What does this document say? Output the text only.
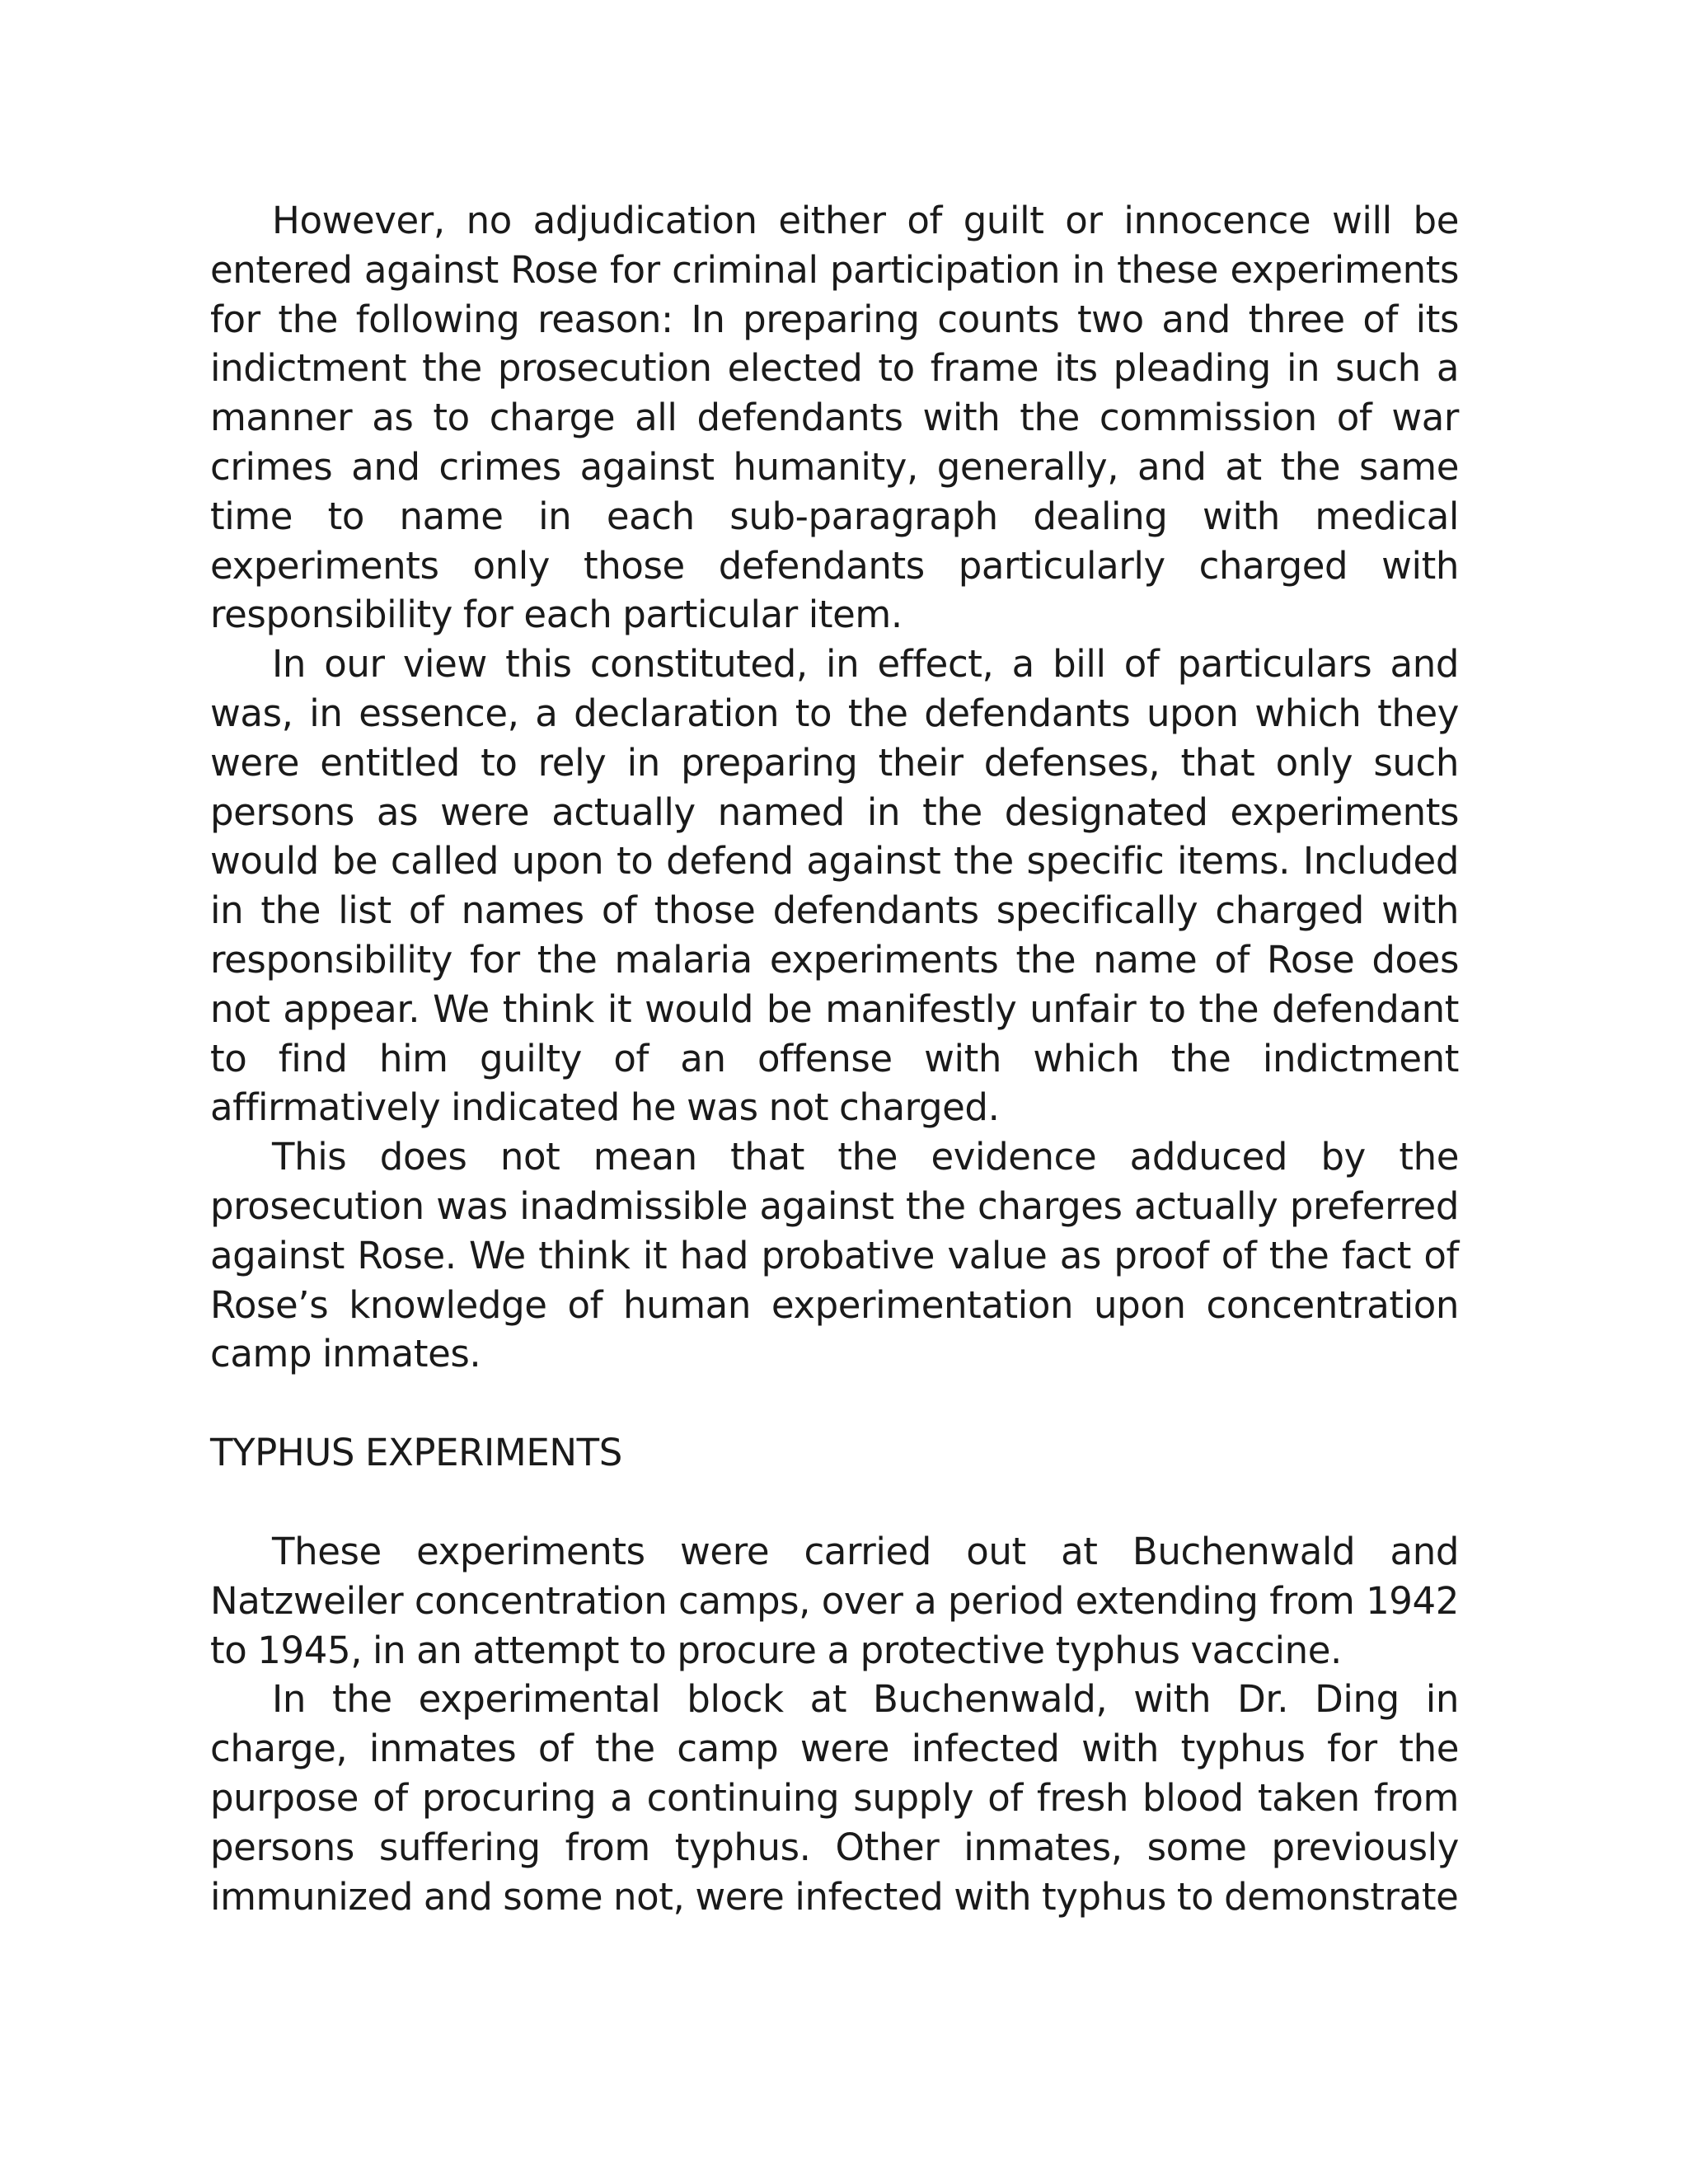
However, no adjudication either of guilt or innocence will be entered against Rose for criminal participation in these experiments for the following reason: In preparing counts two and three of its indictment the prosecution elected to frame its pleading in such a manner as to charge all defendants with the commission of war crimes and crimes against humanity, generally, and at the same time to name in each sub-paragraph dealing with medical experiments only those defendants particularly charged with responsibility for each particular item.

In our view this constituted, in effect, a bill of particulars and was, in essence, a declaration to the defendants upon which they were entitled to rely in preparing their defenses, that only such persons as were actually named in the designated experiments would be called upon to defend against the specific items. Included in the list of names of those defendants specifically charged with responsibility for the malaria experiments the name of Rose does not appear. We think it would be manifestly unfair to the defendant to find him guilty of an offense with which the indictment affirmatively indicated he was not charged.

This does not mean that the evidence adduced by the prosecution was inadmissible against the charges actually preferred against Rose. We think it had probative value as proof of the fact of Rose’s knowledge of human experimentation upon concentration camp inmates.

TYPHUS EXPERIMENTS

These experiments were carried out at Buchenwald and Natzweiler concentration camps, over a period extending from 1942 to 1945, in an attempt to procure a protective typhus vaccine.

In the experimental block at Buchenwald, with Dr. Ding in charge, inmates of the camp were infected with typhus for the purpose of procuring a continuing supply of fresh blood taken from persons suffering from typhus. Other inmates, some previously immunized and some not, were infected with typhus to demonstrate
